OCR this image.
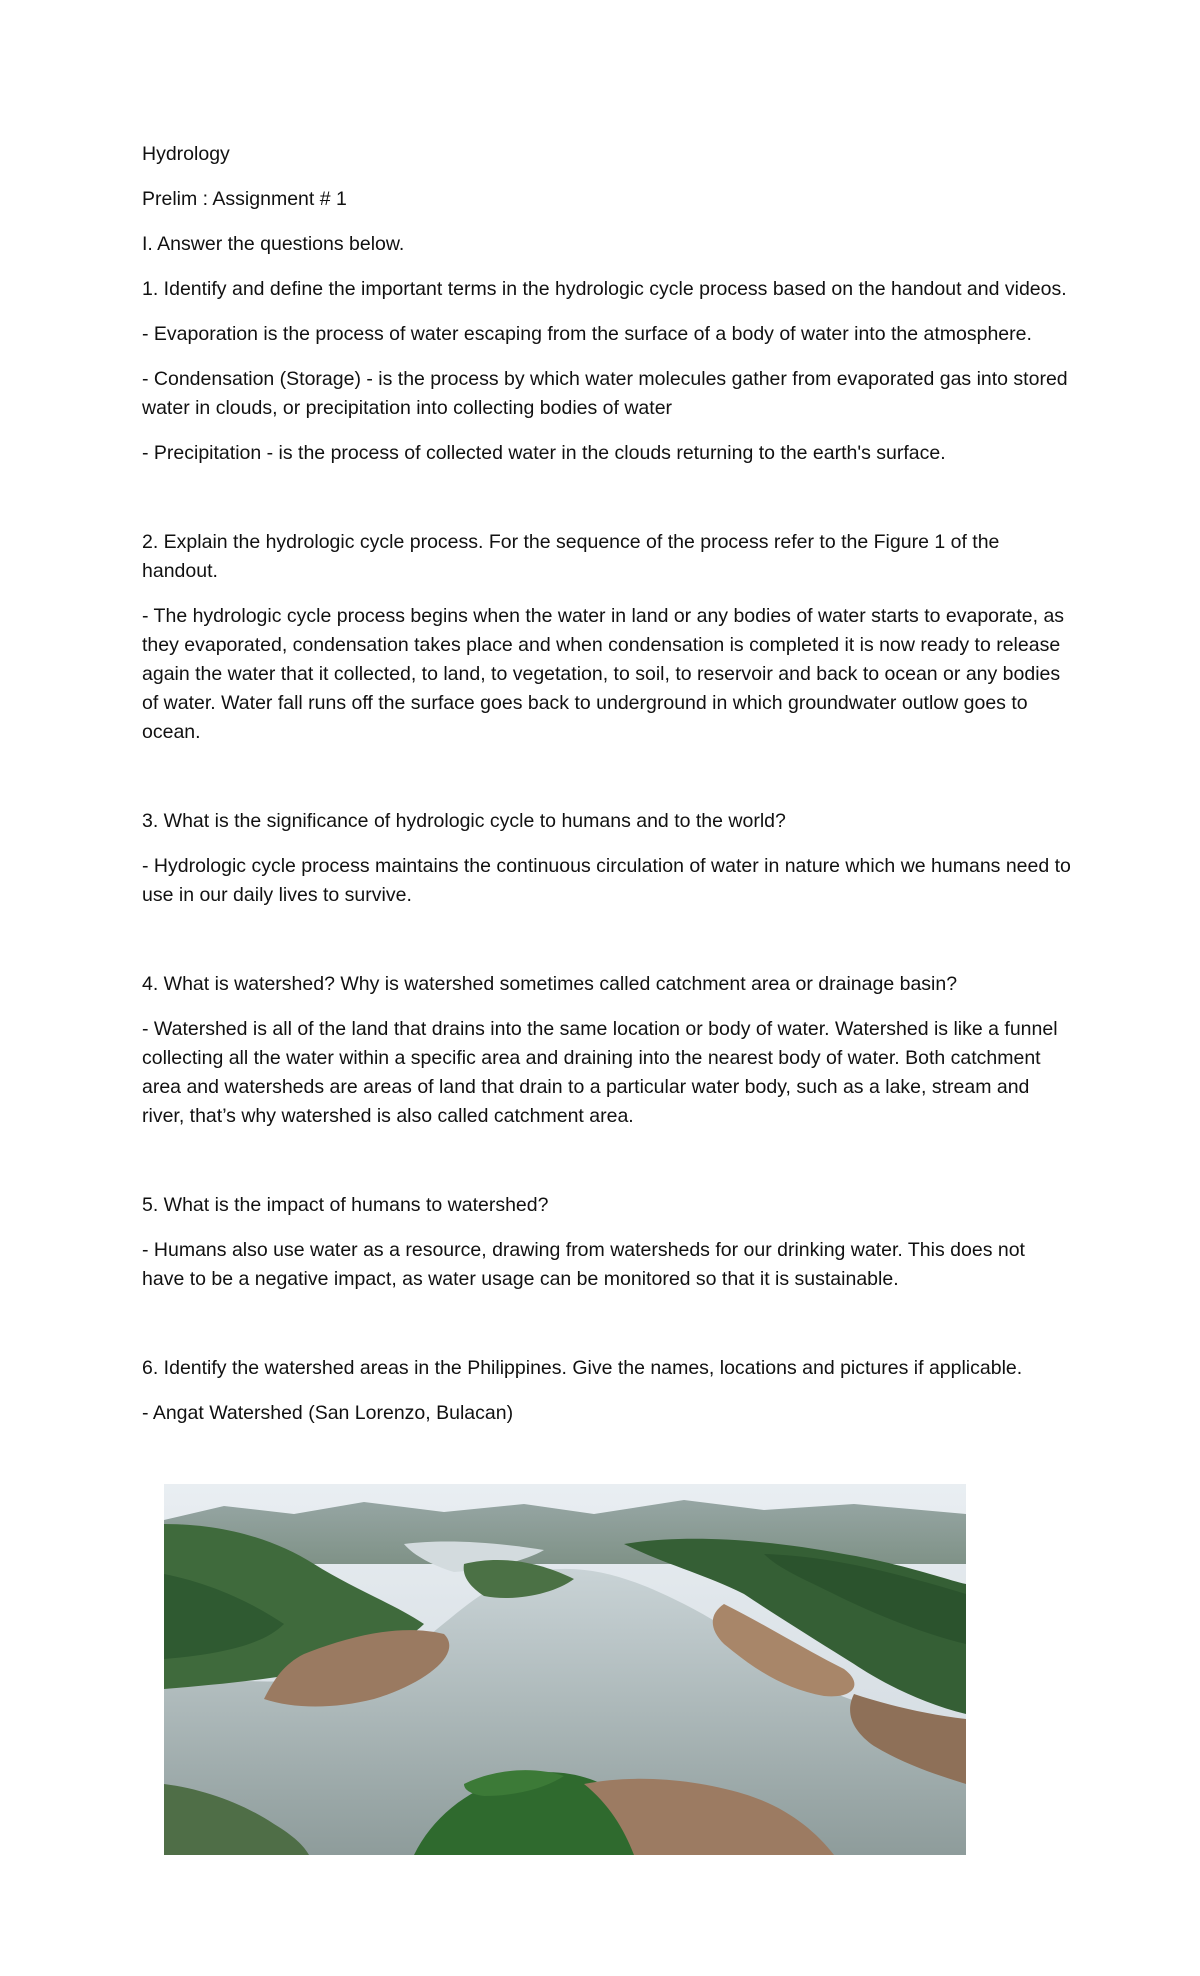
Hydrology

Prelim : Assignment # 1

I. Answer the questions below.

1. Identify and define the important terms in the hydrologic cycle process based on the handout and videos.

- Evaporation is the process of water escaping from the surface of a body of water into the atmosphere.

- Condensation (Storage) - is the process by which water molecules gather from evaporated gas into stored water in clouds, or precipitation into collecting bodies of water

- Precipitation - is the process of collected water in the clouds returning to the earth's surface.

2. Explain the hydrologic cycle process. For the sequence of the process refer to the Figure 1 of the handout.

- The hydrologic cycle process begins when the water in land or any bodies of water starts to evaporate, as they evaporated, condensation takes place and when condensation is completed it is now ready to release again the water that it collected, to land, to vegetation, to soil, to reservoir and back to ocean or any bodies of water. Water fall runs off the surface goes back to underground in which groundwater outlow goes to ocean.

3. What is the significance of hydrologic cycle to humans and to the world?

- Hydrologic cycle process maintains the continuous circulation of water in nature which we humans need to use in our daily lives to survive.

4. What is watershed? Why is watershed sometimes called catchment area or drainage basin?

- Watershed is all of the land that drains into the same location or body of water. Watershed is like a funnel collecting all the water within a specific area and draining into the nearest body of water. Both catchment area and watersheds are areas of land that drain to a particular water body, such as a lake, stream and river, that’s why watershed is also called catchment area.

5. What is the impact of humans to watershed?

- Humans also use water as a resource, drawing from watersheds for our drinking water. This does not have to be a negative impact, as water usage can be monitored so that it is sustainable.

6. Identify the watershed areas in the Philippines. Give the names, locations and pictures if applicable.

- Angat Watershed (San Lorenzo, Bulacan)
